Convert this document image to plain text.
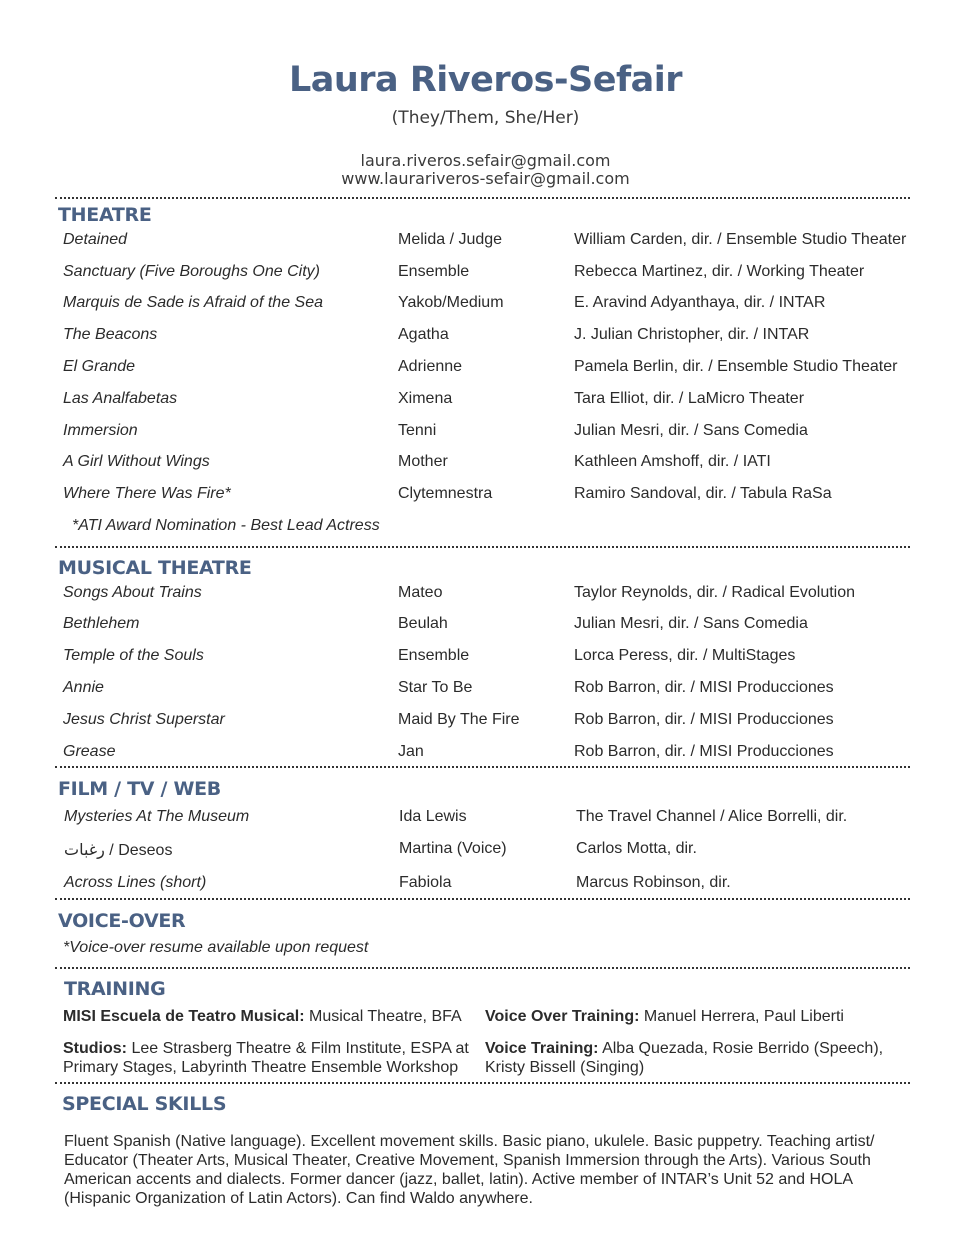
Laura Riveros-Sefair
(They/Them, She/Her)
laura.riveros.sefair@gmail.com
www.laurariveros-sefair@gmail.com
THEATRE
Detained	Melida / Judge	William Carden, dir. / Ensemble Studio Theater
Sanctuary (Five Boroughs One City)	Ensemble	Rebecca Martinez, dir. / Working Theater
Marquis de Sade is Afraid of the Sea	Yakob/Medium	E. Aravind Adyanthaya, dir. / INTAR
The Beacons	Agatha	J. Julian Christopher, dir. / INTAR
El Grande	Adrienne	Pamela Berlin, dir. / Ensemble Studio Theater
Las Analfabetas	Ximena	Tara Elliot, dir. / LaMicro Theater
Immersion	Tenni	Julian Mesri, dir. / Sans Comedia
A Girl Without Wings	Mother	Kathleen Amshoff, dir. / IATI
Where There Was Fire*	Clytemnestra	Ramiro Sandoval, dir. / Tabula RaSa
*ATI Award Nomination - Best Lead Actress
MUSICAL THEATRE
Songs About Trains	Mateo	Taylor Reynolds, dir. / Radical Evolution
Bethlehem	Beulah	Julian Mesri, dir. / Sans Comedia
Temple of the Souls	Ensemble	Lorca Peress, dir. / MultiStages
Annie	Star To Be	Rob Barron, dir. / MISI Producciones
Jesus Christ Superstar	Maid By The Fire	Rob Barron, dir. / MISI Producciones
Grease	Jan	Rob Barron, dir. / MISI Producciones
FILM / TV / WEB
Mysteries At The Museum	Ida Lewis	The Travel Channel / Alice Borrelli, dir.
رغبات / Deseos	Martina (Voice)	Carlos Motta, dir.
Across Lines (short)	Fabiola	Marcus Robinson, dir.
VOICE-OVER
*Voice-over resume available upon request
TRAINING
MISI Escuela de Teatro Musical: Musical Theatre, BFA	Voice Over Training: Manuel Herrera, Paul Liberti
Studios: Lee Strasberg Theatre & Film Institute, ESPA at Primary Stages, Labyrinth Theatre Ensemble Workshop
Voice Training: Alba Quezada, Rosie Berrido (Speech), Kristy Bissell (Singing)
SPECIAL SKILLS
Fluent Spanish (Native language). Excellent movement skills. Basic piano, ukulele. Basic puppetry. Teaching artist/ Educator (Theater Arts, Musical Theater, Creative Movement, Spanish Immersion through the Arts). Various South American accents and dialects. Former dancer (jazz, ballet, latin). Active member of INTAR’s Unit 52 and HOLA (Hispanic Organization of Latin Actors). Can find Waldo anywhere.
